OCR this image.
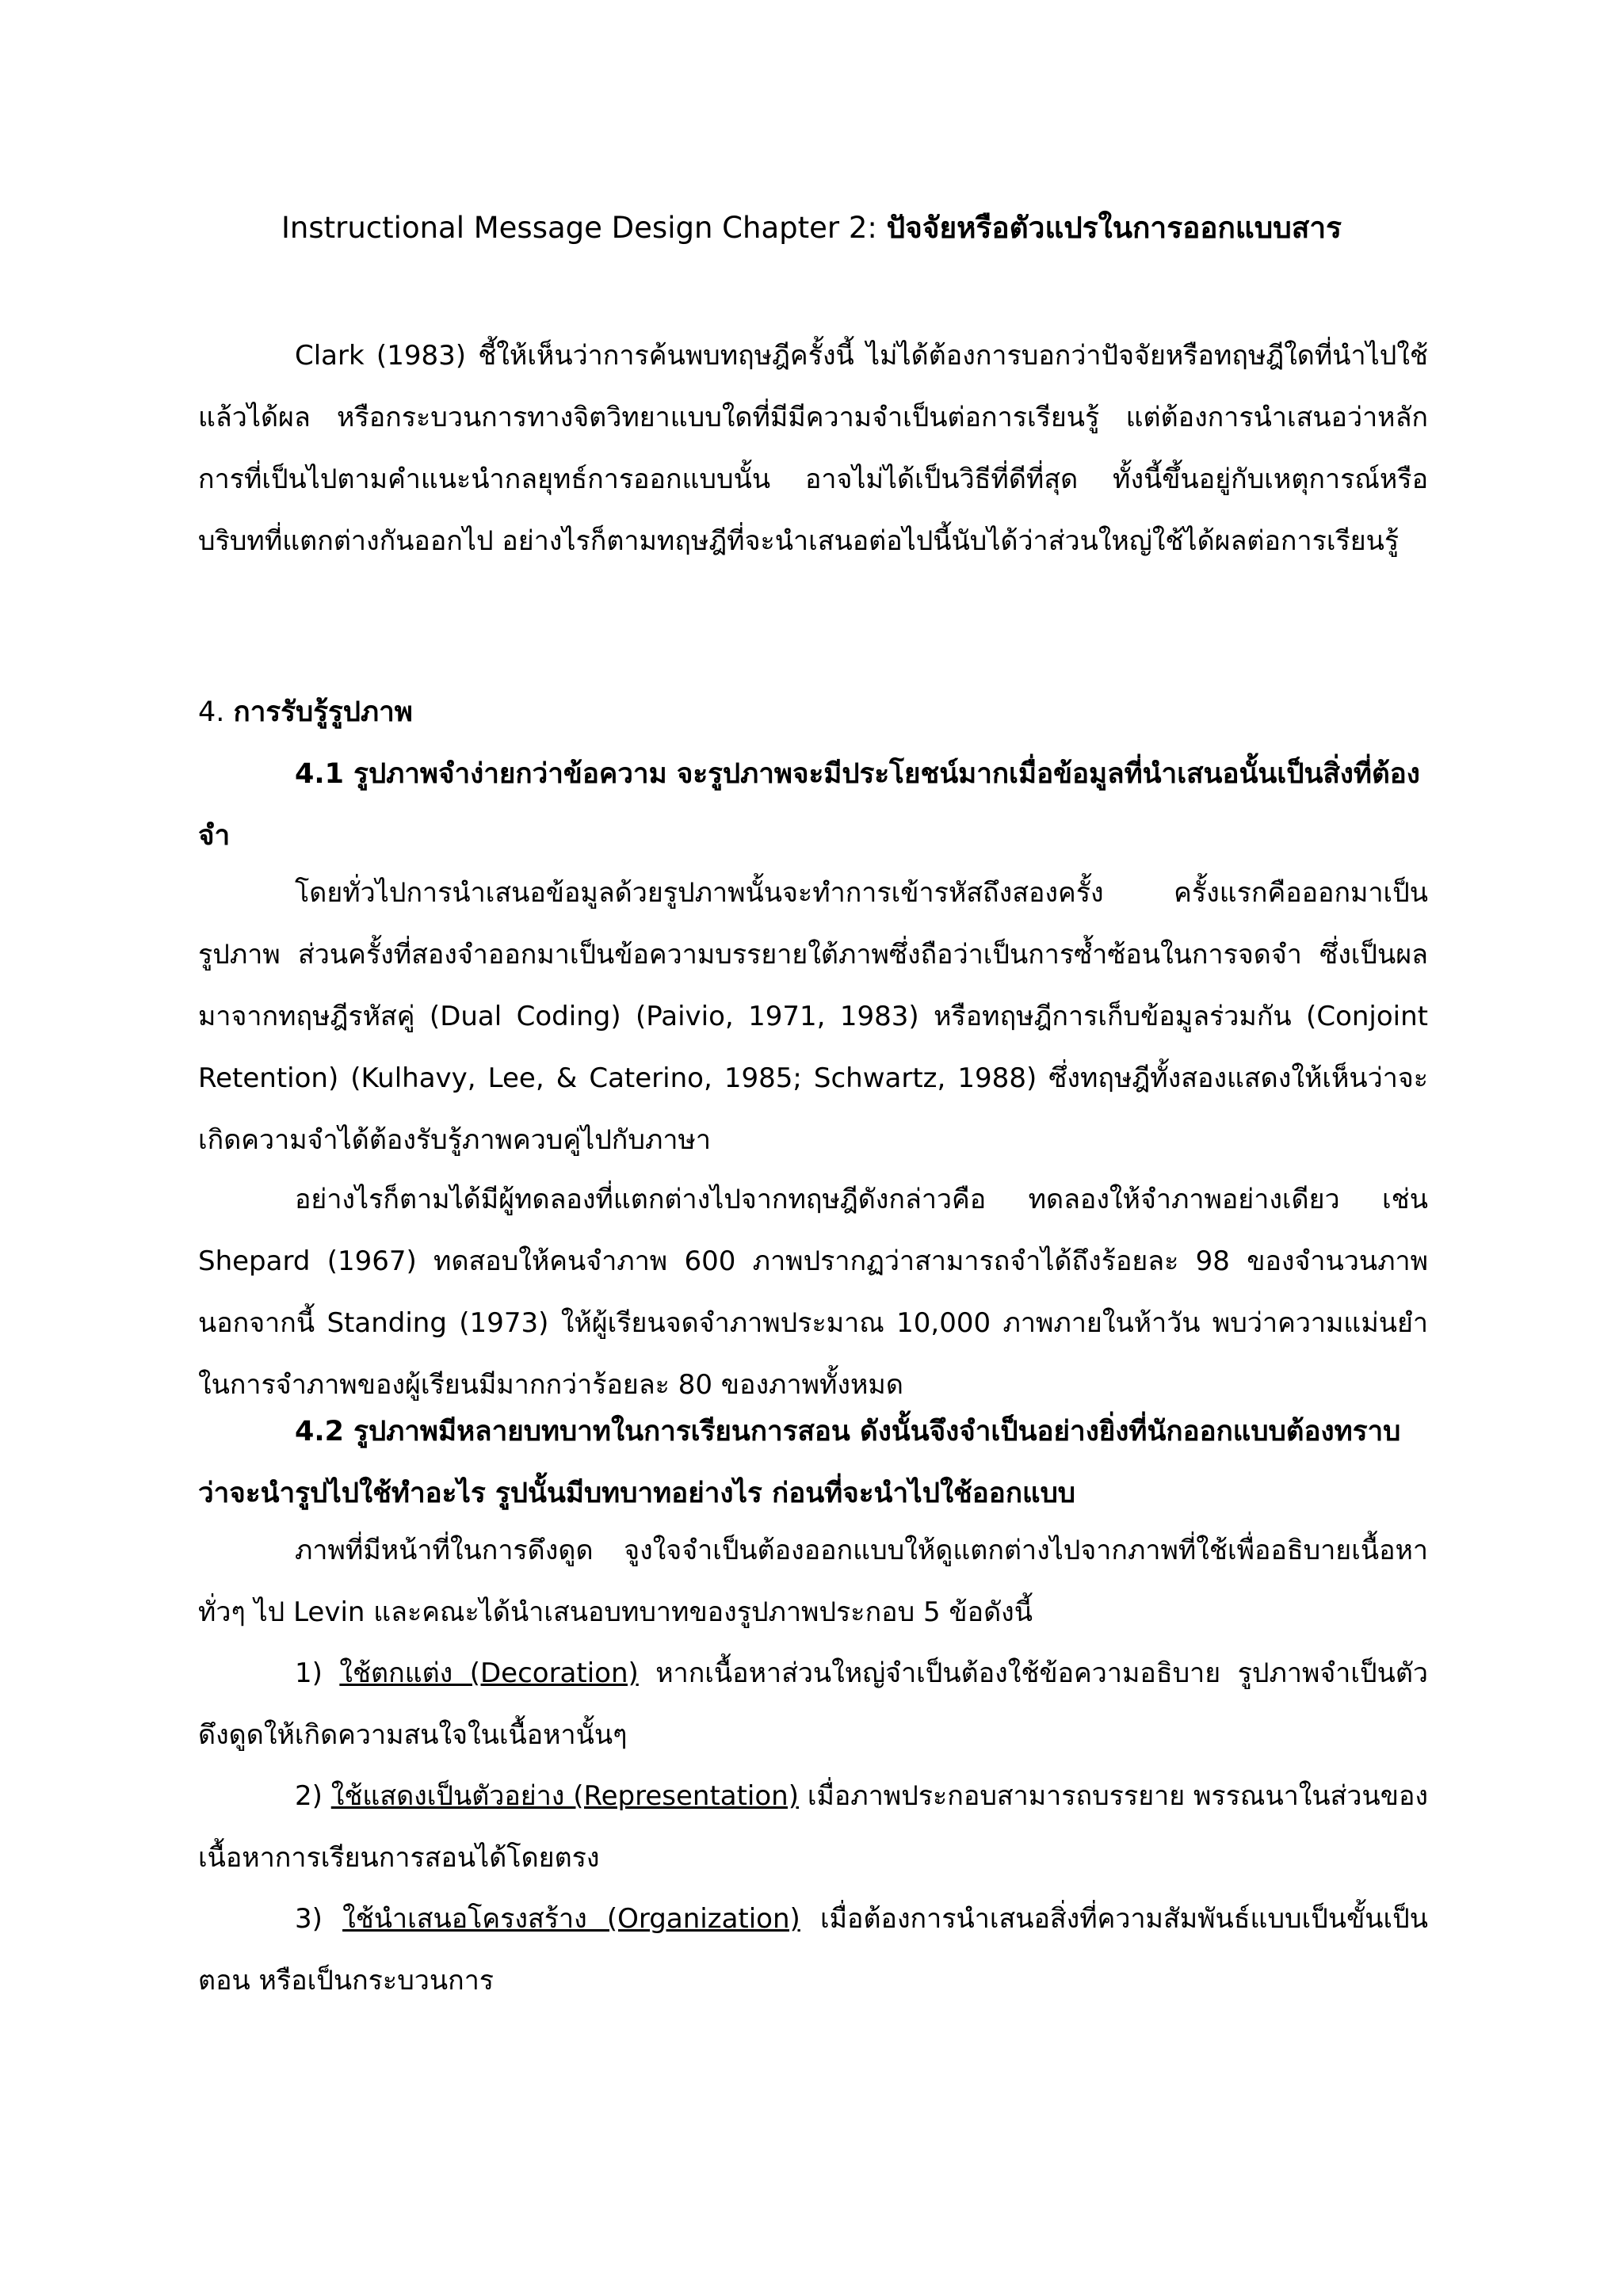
Instructional Message Design Chapter 2: ปัจจัยหรือตัวแปรในการออกแบบสาร

Clark (1983) ชี้ให้เห็นว่าการค้นพบทฤษฎีครั้งนี้ ไม่ได้ต้องการบอกว่าปัจจัยหรือทฤษฎีใดที่นำไปใช้แล้วได้ผล หรือกระบวนการทางจิตวิทยาแบบใดที่มีมีความจำเป็นต่อการเรียนรู้ แต่ต้องการนำเสนอว่าหลักการที่เป็นไปตามคำแนะนำกลยุทธ์การออกแบบนั้น อาจไม่ได้เป็นวิธีที่ดีที่สุด ทั้งนี้ขึ้นอยู่กับเหตุการณ์หรือบริบทที่แตกต่างกันออกไป อย่างไรก็ตามทฤษฎีที่จะนำเสนอต่อไปนี้นับได้ว่าส่วนใหญ่ใช้ได้ผลต่อการเรียนรู้

4. การรับรู้รูปภาพ

4.1 รูปภาพจำง่ายกว่าข้อความ จะรูปภาพจะมีประโยชน์มากเมื่อข้อมูลที่นำเสนอนั้นเป็นสิ่งที่ต้องจำ

โดยทั่วไปการนำเสนอข้อมูลด้วยรูปภาพนั้นจะทำการเข้ารหัสถึงสองครั้ง ครั้งแรกคือออกมาเป็นรูปภาพ ส่วนครั้งที่สองจำออกมาเป็นข้อความบรรยายใต้ภาพซึ่งถือว่าเป็นการซ้ำซ้อนในการจดจำ ซึ่งเป็นผลมาจากทฤษฎีรหัสคู่ (Dual Coding) (Paivio, 1971, 1983) หรือทฤษฎีการเก็บข้อมูลร่วมกัน (Conjoint Retention) (Kulhavy, Lee, & Caterino, 1985; Schwartz, 1988) ซึ่งทฤษฎีทั้งสองแสดงให้เห็นว่าจะเกิดความจำได้ต้องรับรู้ภาพควบคู่ไปกับภาษา

อย่างไรก็ตามได้มีผู้ทดลองที่แตกต่างไปจากทฤษฎีดังกล่าวคือ ทดลองให้จำภาพอย่างเดียว เช่น Shepard (1967) ทดสอบให้คนจำภาพ 600 ภาพปรากฏว่าสามารถจำได้ถึงร้อยละ 98 ของจำนวนภาพ นอกจากนี้ Standing (1973) ให้ผู้เรียนจดจำภาพประมาณ 10,000 ภาพภายในห้าวัน พบว่าความแม่นยำในการจำภาพของผู้เรียนมีมากกว่าร้อยละ 80 ของภาพทั้งหมด

4.2 รูปภาพมีหลายบทบาทในการเรียนการสอน ดังนั้นจึงจำเป็นอย่างยิ่งที่นักออกแบบต้องทราบว่าจะนำรูปไปใช้ทำอะไร รูปนั้นมีบทบาทอย่างไร ก่อนที่จะนำไปใช้ออกแบบ

ภาพที่มีหน้าที่ในการดึงดูด จูงใจจำเป็นต้องออกแบบให้ดูแตกต่างไปจากภาพที่ใช้เพื่ออธิบายเนื้อหาทั่วๆ ไป Levin และคณะได้นำเสนอบทบาทของรูปภาพประกอบ 5 ข้อดังนี้

1) ใช้ตกแต่ง (Decoration) หากเนื้อหาส่วนใหญ่จำเป็นต้องใช้ข้อความอธิบาย รูปภาพจำเป็นตัวดึงดูดให้เกิดความสนใจในเนื้อหานั้นๆ

2) ใช้แสดงเป็นตัวอย่าง (Representation) เมื่อภาพประกอบสามารถบรรยาย พรรณนาในส่วนของเนื้อหาการเรียนการสอนได้โดยตรง

3) ใช้นำเสนอโครงสร้าง (Organization) เมื่อต้องการนำเสนอสิ่งที่ความสัมพันธ์แบบเป็นขั้นเป็นตอน หรือเป็นกระบวนการ
